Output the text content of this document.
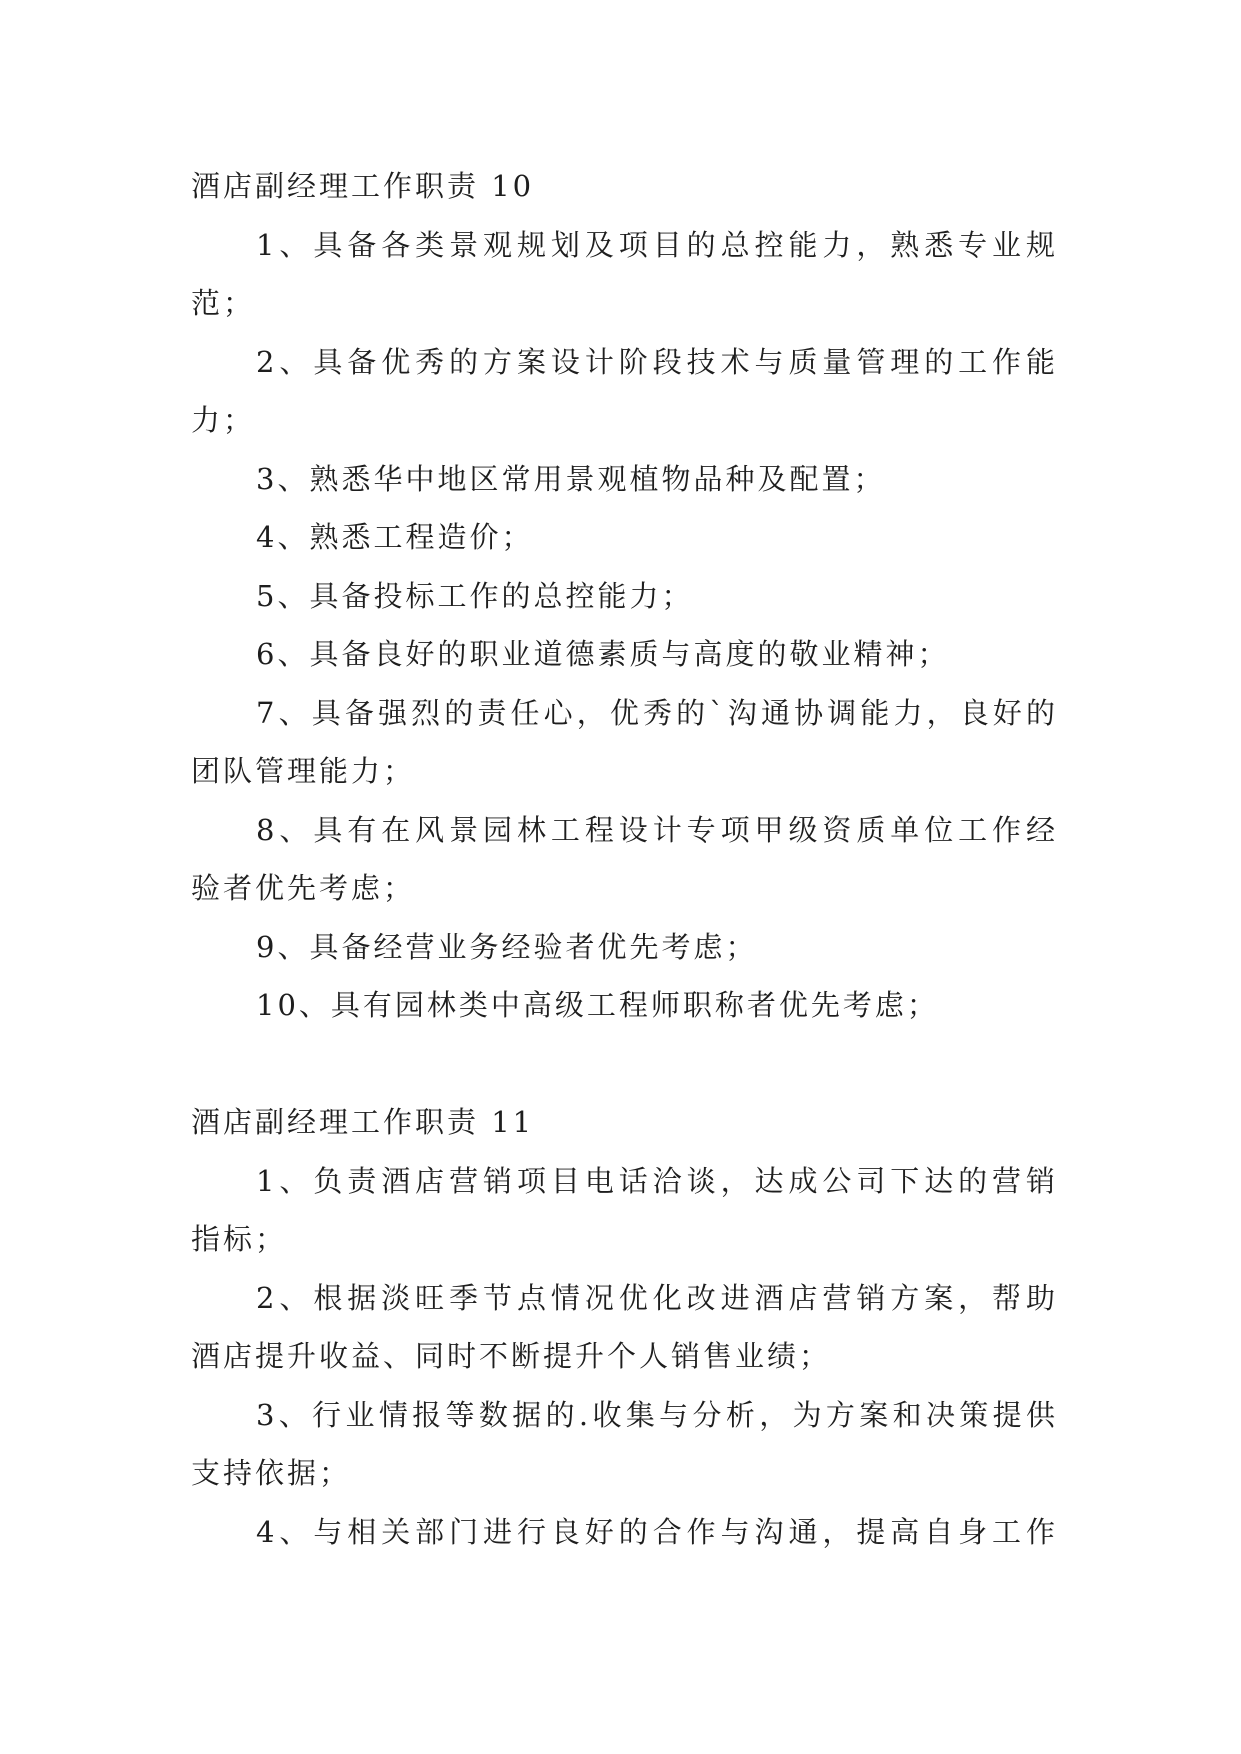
酒店副经理工作职责 10
1、具备各类景观规划及项目的总控能力，熟悉专业规
范；
2、具备优秀的方案设计阶段技术与质量管理的工作能
力；
3、熟悉华中地区常用景观植物品种及配置；
4、熟悉工程造价；
5、具备投标工作的总控能力；
6、具备良好的职业道德素质与高度的敬业精神；
7、具备强烈的责任心，优秀的`沟通协调能力，良好的
团队管理能力；
8、具有在风景园林工程设计专项甲级资质单位工作经
验者优先考虑；
9、具备经营业务经验者优先考虑；
10、具有园林类中高级工程师职称者优先考虑；
酒店副经理工作职责 11
1、负责酒店营销项目电话洽谈，达成公司下达的营销
指标；
2、根据淡旺季节点情况优化改进酒店营销方案，帮助
酒店提升收益、同时不断提升个人销售业绩；
3、行业情报等数据的.收集与分析，为方案和决策提供
支持依据；
4、与相关部门进行良好的合作与沟通，提高自身工作
